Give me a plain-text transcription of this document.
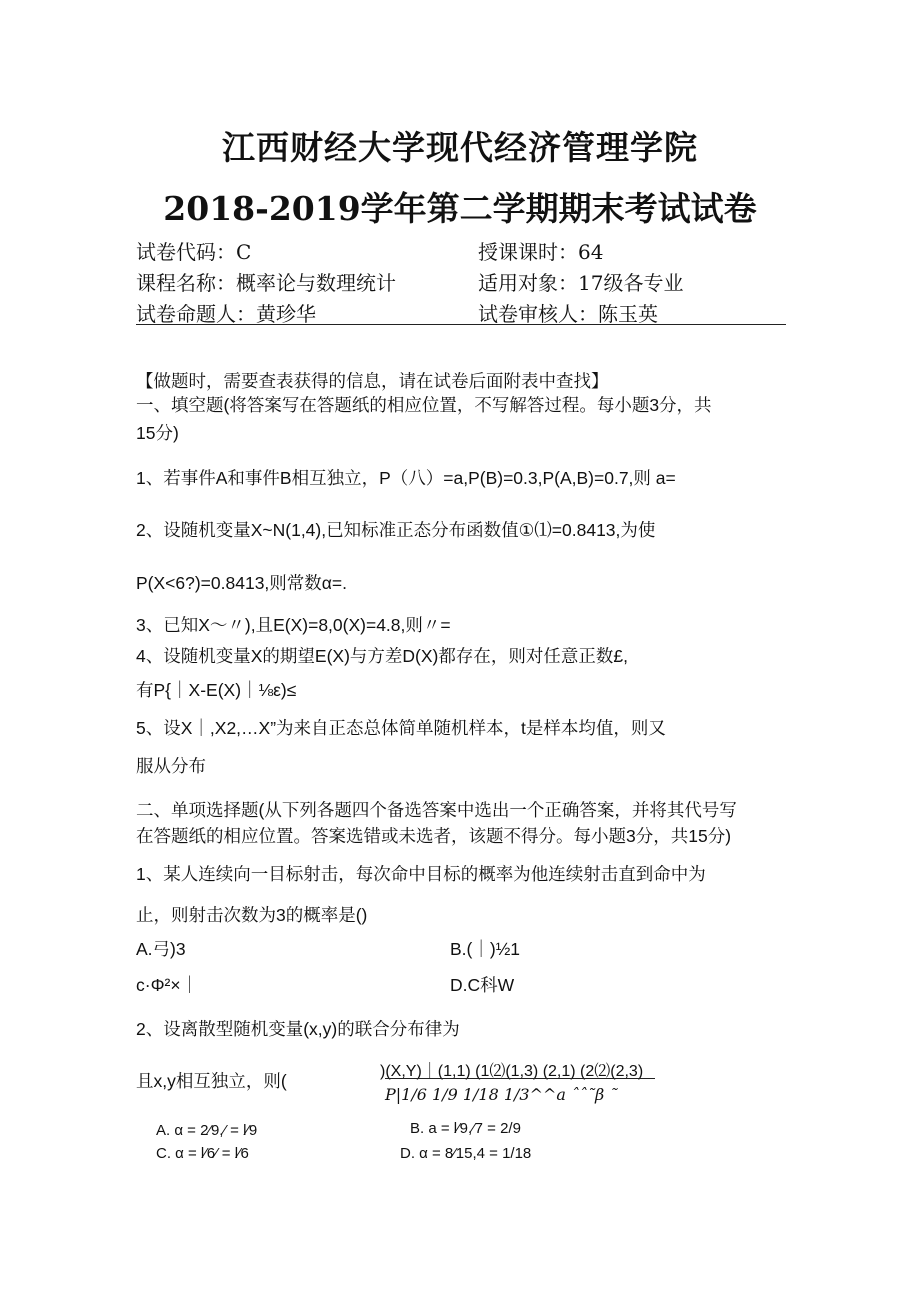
江西财经大学现代经济管理学院
2018-2019学年第二学期期末考试试卷
试卷代码：C	授课课时：64
课程名称：概率论与数理统计	适用对象：17级各专业
试卷命题人：黄珍华	试卷审核人：陈玉英
【做题时，需要查表获得的信息，请在试卷后面附表中查找】
一、填空题(将答案写在答题纸的相应位置，不写解答过程。每小题3分，共
15分)
1、若事件A和事件B相互独立，P（八）=a,P(B)=0.3,P(A,B)=0.7,则 a=
2、设随机变量X~N(1,4),已知标准正态分布函数值①⑴=0.8413,为使
P(X<6?)=0.8413,则常数α=.
3、已知X〜〃),且E(X)=8,0(X)=4.8,则〃=
4、设随机变量X的期望E(X)与方差D(X)都存在，则对任意正数£,
有P{｜X-E(X)｜⅛ε)≤
5、设X｜,X2,…X”为来自正态总体简单随机样本，t是样本均值，则又
服从分布
二、单项选择题(从下列各题四个备选答案中选出一个正确答案，并将其代号写
在答题纸的相应位置。答案选错或未选者，该题不得分。每小题3分，共15分)
1、某人连续向一目标射击，每次命中目标的概率为他连续射击直到命中为
止，则射击次数为3的概率是()
A.弓)3	B.(｜)½1
c·Φ²×｜	D.C科W
2、设离散型随机变量(x,y)的联合分布律为
且x,y相互独立，则(	)(X,Y)｜(1,1) (1⑵(1,3) (2,1) (2⑵(2,3)
P|1/6 1/9 1/18 1/3^^a ˆˆ˜β ˜
A. α = 2⁄9,⁄ = l⁄9	B. a = l⁄9,⁄7 = 2/9
C. α = l⁄6⁄ = l⁄6	D. α = 8⁄15,4 = 1/18
